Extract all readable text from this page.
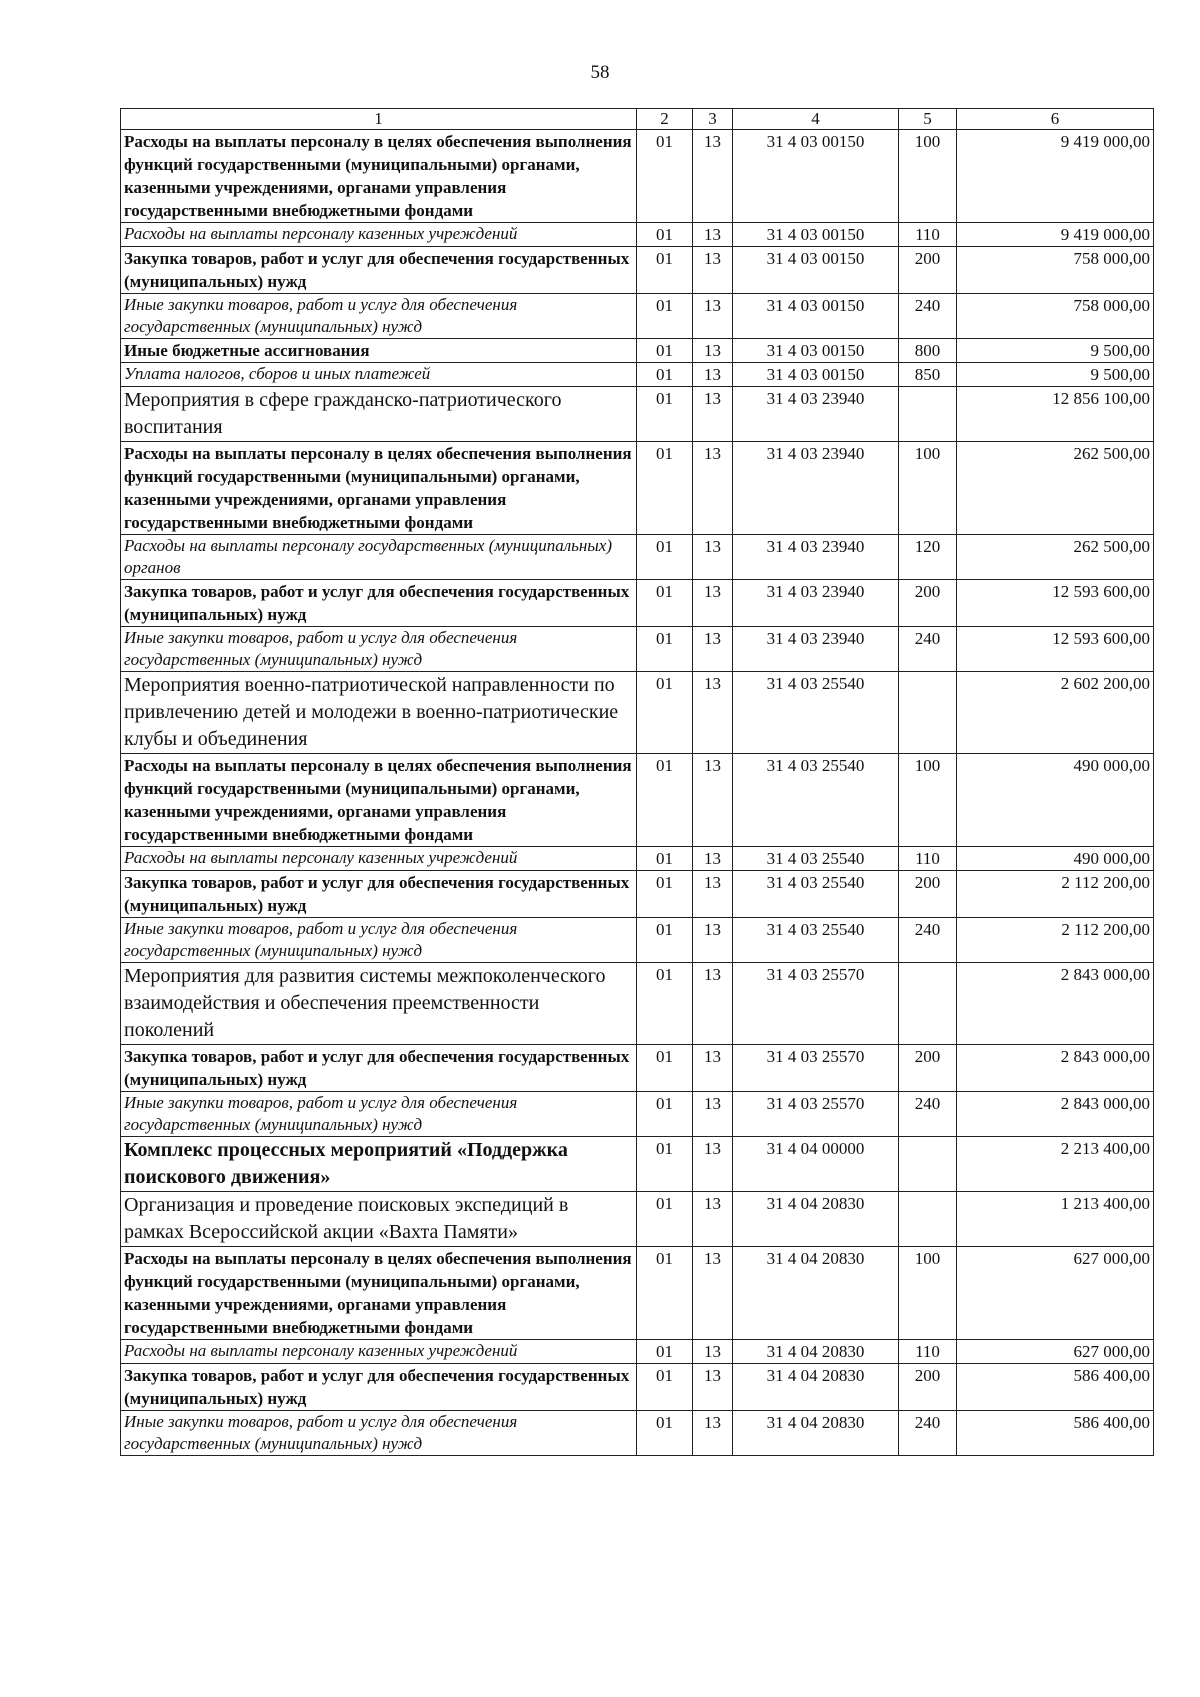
58
1	2	3	4	5	6
Расходы на выплаты персоналу в целях обеспечения выполнения функций государственными (муниципальными) органами, казенными учреждениями, органами управления государственными внебюджетными фондами	01	13	31 4 03 00150	100	9 419 000,00
Расходы на выплаты персоналу казенных учреждений	01	13	31 4 03 00150	110	9 419 000,00
Закупка товаров, работ и услуг для обеспечения государственных (муниципальных) нужд	01	13	31 4 03 00150	200	758 000,00
Иные закупки товаров, работ и услуг для обеспечения государственных (муниципальных) нужд	01	13	31 4 03 00150	240	758 000,00
Иные бюджетные ассигнования	01	13	31 4 03 00150	800	9 500,00
Уплата налогов, сборов и иных платежей	01	13	31 4 03 00150	850	9 500,00
Мероприятия в сфере гражданско-патриотического воспитания	01	13	31 4 03 23940		12 856 100,00
Расходы на выплаты персоналу в целях обеспечения выполнения функций государственными (муниципальными) органами, казенными учреждениями, органами управления государственными внебюджетными фондами	01	13	31 4 03 23940	100	262 500,00
Расходы на выплаты персоналу государственных (муниципальных) органов	01	13	31 4 03 23940	120	262 500,00
Закупка товаров, работ и услуг для обеспечения государственных (муниципальных) нужд	01	13	31 4 03 23940	200	12 593 600,00
Иные закупки товаров, работ и услуг для обеспечения государственных (муниципальных) нужд	01	13	31 4 03 23940	240	12 593 600,00
Мероприятия военно-патриотической направленности по привлечению детей и молодежи в военно-патриотические клубы и объединения	01	13	31 4 03 25540		2 602 200,00
Расходы на выплаты персоналу в целях обеспечения выполнения функций государственными (муниципальными) органами, казенными учреждениями, органами управления государственными внебюджетными фондами	01	13	31 4 03 25540	100	490 000,00
Расходы на выплаты персоналу казенных учреждений	01	13	31 4 03 25540	110	490 000,00
Закупка товаров, работ и услуг для обеспечения государственных (муниципальных) нужд	01	13	31 4 03 25540	200	2 112 200,00
Иные закупки товаров, работ и услуг для обеспечения государственных (муниципальных) нужд	01	13	31 4 03 25540	240	2 112 200,00
Мероприятия для развития системы межпоколенческого взаимодействия и обеспечения преемственности поколений	01	13	31 4 03 25570		2 843 000,00
Закупка товаров, работ и услуг для обеспечения государственных (муниципальных) нужд	01	13	31 4 03 25570	200	2 843 000,00
Иные закупки товаров, работ и услуг для обеспечения государственных (муниципальных) нужд	01	13	31 4 03 25570	240	2 843 000,00
Комплекс процессных мероприятий «Поддержка поискового движения»	01	13	31 4 04 00000		2 213 400,00
Организация и проведение поисковых экспедиций в рамках Всероссийской акции «Вахта Памяти»	01	13	31 4 04 20830		1 213 400,00
Расходы на выплаты персоналу в целях обеспечения выполнения функций государственными (муниципальными) органами, казенными учреждениями, органами управления государственными внебюджетными фондами	01	13	31 4 04 20830	100	627 000,00
Расходы на выплаты персоналу казенных учреждений	01	13	31 4 04 20830	110	627 000,00
Закупка товаров, работ и услуг для обеспечения государственных (муниципальных) нужд	01	13	31 4 04 20830	200	586 400,00
Иные закупки товаров, работ и услуг для обеспечения государственных (муниципальных) нужд	01	13	31 4 04 20830	240	586 400,00
